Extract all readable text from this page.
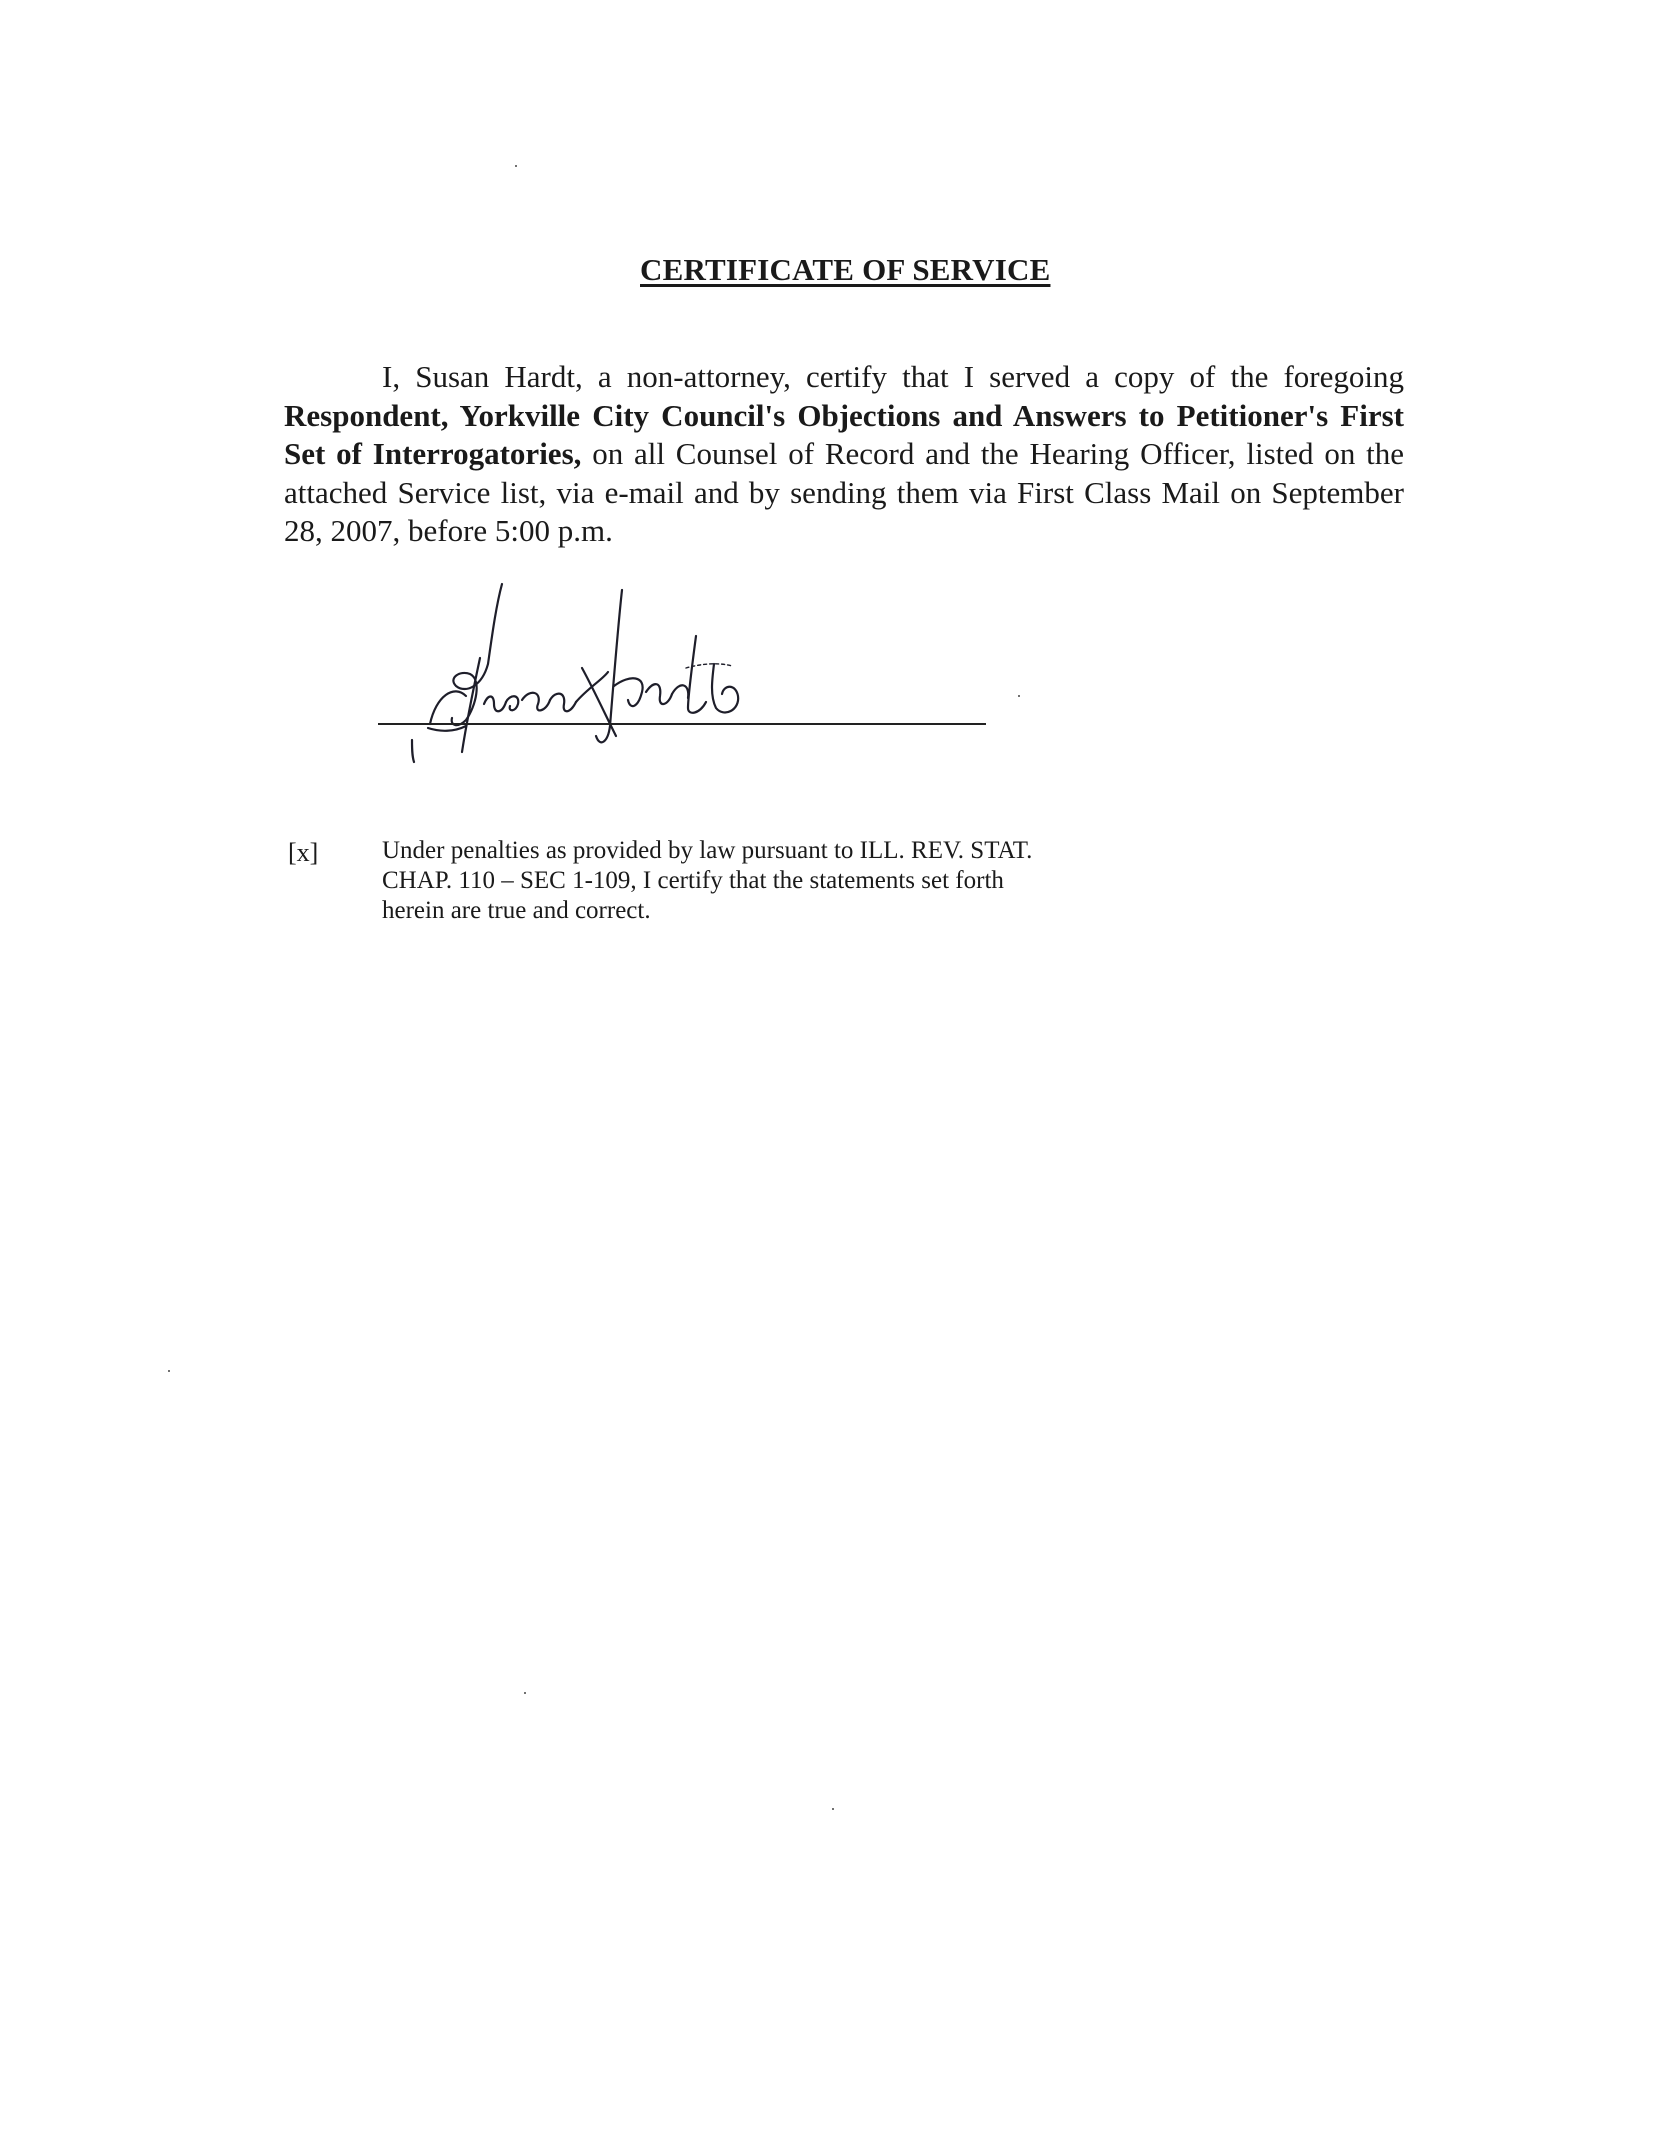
CERTIFICATE OF SERVICE

I, Susan Hardt, a non-attorney, certify that I served a copy of the foregoing Respondent, Yorkville City Council's Objections and Answers to Petitioner's First Set of Interrogatories, on all Counsel of Record and the Hearing Officer, listed on the attached Service list, via e-mail and by sending them via First Class Mail on September 28, 2007, before 5:00 p.m.

[x]	Under penalties as provided by law pursuant to ILL. REV. STAT.
CHAP. 110 – SEC 1-109, I certify that the statements set forth
herein are true and correct.
